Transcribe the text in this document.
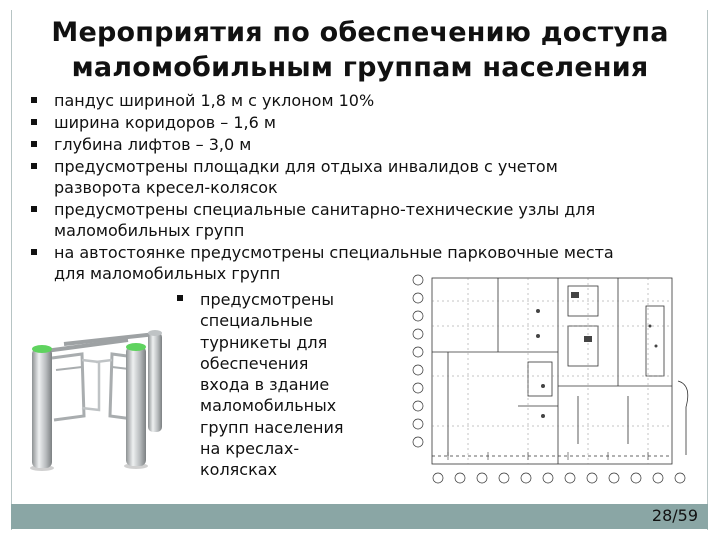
Мероприятия по обеспечению доступа маломобильным группам населения
пандус шириной 1,8 м с уклоном 10%
ширина коридоров – 1,6 м
глубина лифтов – 3,0 м
предусмотрены площадки для отдыха инвалидов с учетом разворота кресел-колясок
предусмотрены специальные санитарно-технические узлы для маломобильных групп
на автостоянке предусмотрены специальные парковочные места для маломобильных групп
предусмотрены специальные турникеты для обеспечения входа в здание маломобильных групп населения на креслах-колясках
28/59
